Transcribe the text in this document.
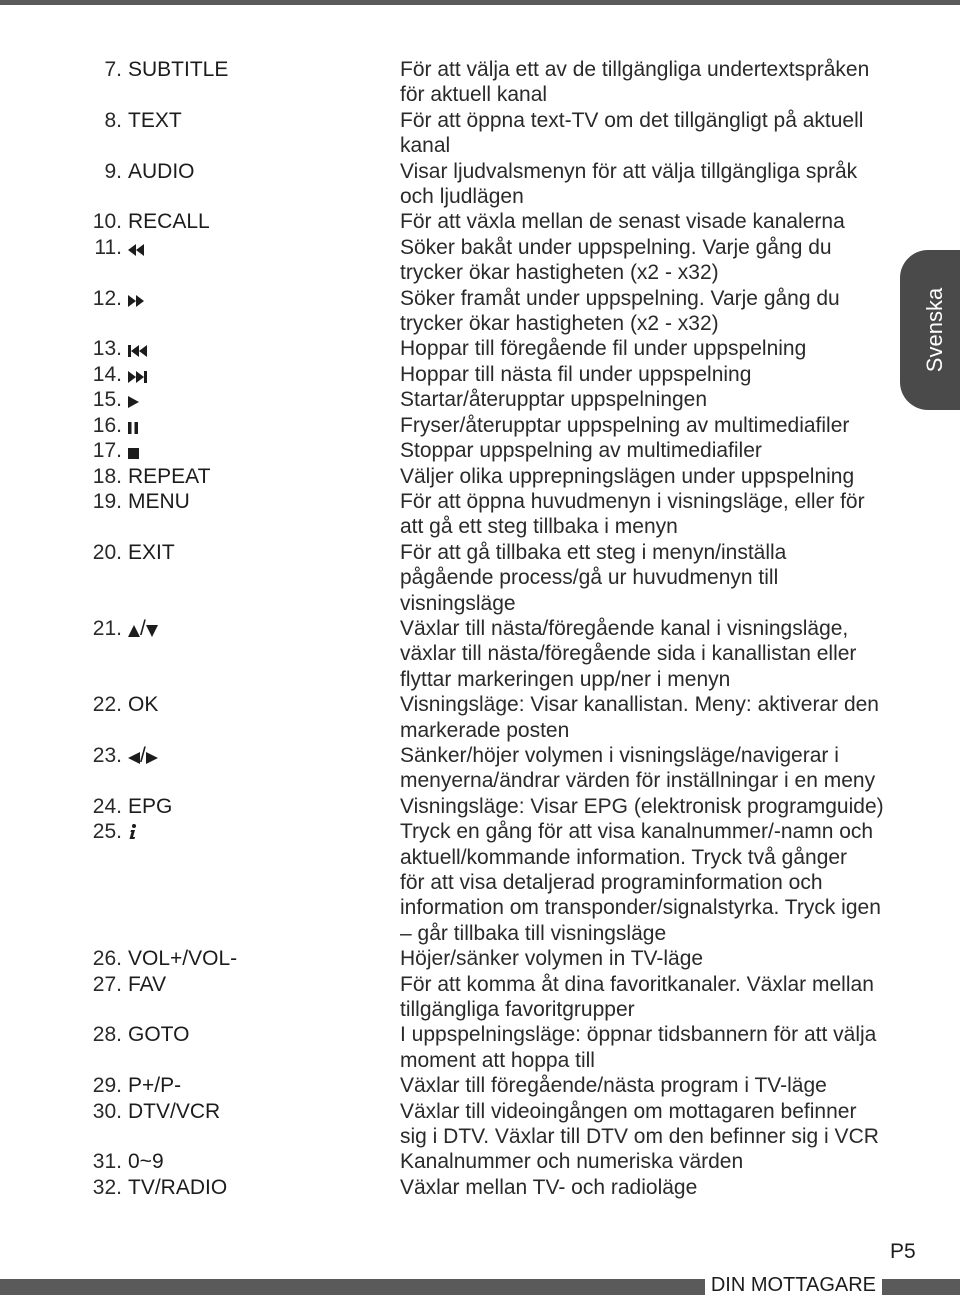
7. SUBTITLE	För att välja ett av de tillgängliga undertextspråken
för aktuell kanal
8. TEXT	För att öppna text-TV om det tillgängligt på aktuell
kanal
9. AUDIO	Visar ljudvalsmenyn för att välja tillgängliga språk
och ljudlägen
10. RECALL	För att växla mellan de senast visade kanalerna
11.	Söker bakåt under uppspelning. Varje gång du
trycker ökar hastigheten (x2 - x32)
12.	Söker framåt under uppspelning. Varje gång du
trycker ökar hastigheten (x2 - x32)
13.	Hoppar till föregående fil under uppspelning
14.	Hoppar till nästa fil under uppspelning
15.	Startar/återupptar uppspelningen
16.	Fryser/återupptar uppspelning av multimediafiler
17.	Stoppar uppspelning av multimediafiler
18. REPEAT	Väljer olika upprepningslägen under uppspelning
19. MENU	För att öppna huvudmenyn i visningsläge, eller för
att gå ett steg tillbaka i menyn
20. EXIT	För att gå tillbaka ett steg i menyn/inställa
pågående process/gå ur huvudmenyn till
visningsläge
21. /	Växlar till nästa/föregående kanal i visningsläge,
växlar till nästa/föregående sida i kanallistan eller
flyttar markeringen upp/ner i menyn
22. OK	Visningsläge: Visar kanallistan. Meny: aktiverar den
markerade posten
23. /	Sänker/höjer volymen i visningsläge/navigerar i
menyerna/ändrar värden för inställningar i en meny
24. EPG	Visningsläge: Visar EPG (elektronisk programguide)
25.	Tryck en gång för att visa kanalnummer/-namn och
aktuell/kommande information. Tryck två gånger
för att visa detaljerad programinformation och
information om transponder/signalstyrka. Tryck igen
– går tillbaka till visningsläge
26. VOL+/VOL-	Höjer/sänker volymen in TV-läge
27. FAV	För att komma åt dina favoritkanaler. Växlar mellan
tillgängliga favoritgrupper
28. GOTO	I uppspelningsläge: öppnar tidsbannern för att välja
moment att hoppa till
29. P+/P-	Växlar till föregående/nästa program i TV-läge
30. DTV/VCR	Växlar till videoingången om mottagaren befinner
sig i DTV. Växlar till DTV om den befinner sig i VCR
31. 0~9	Kanalnummer och numeriska värden
32. TV/RADIO	Växlar mellan TV- och radioläge
Svenska
P5
DIN MOTTAGARE
